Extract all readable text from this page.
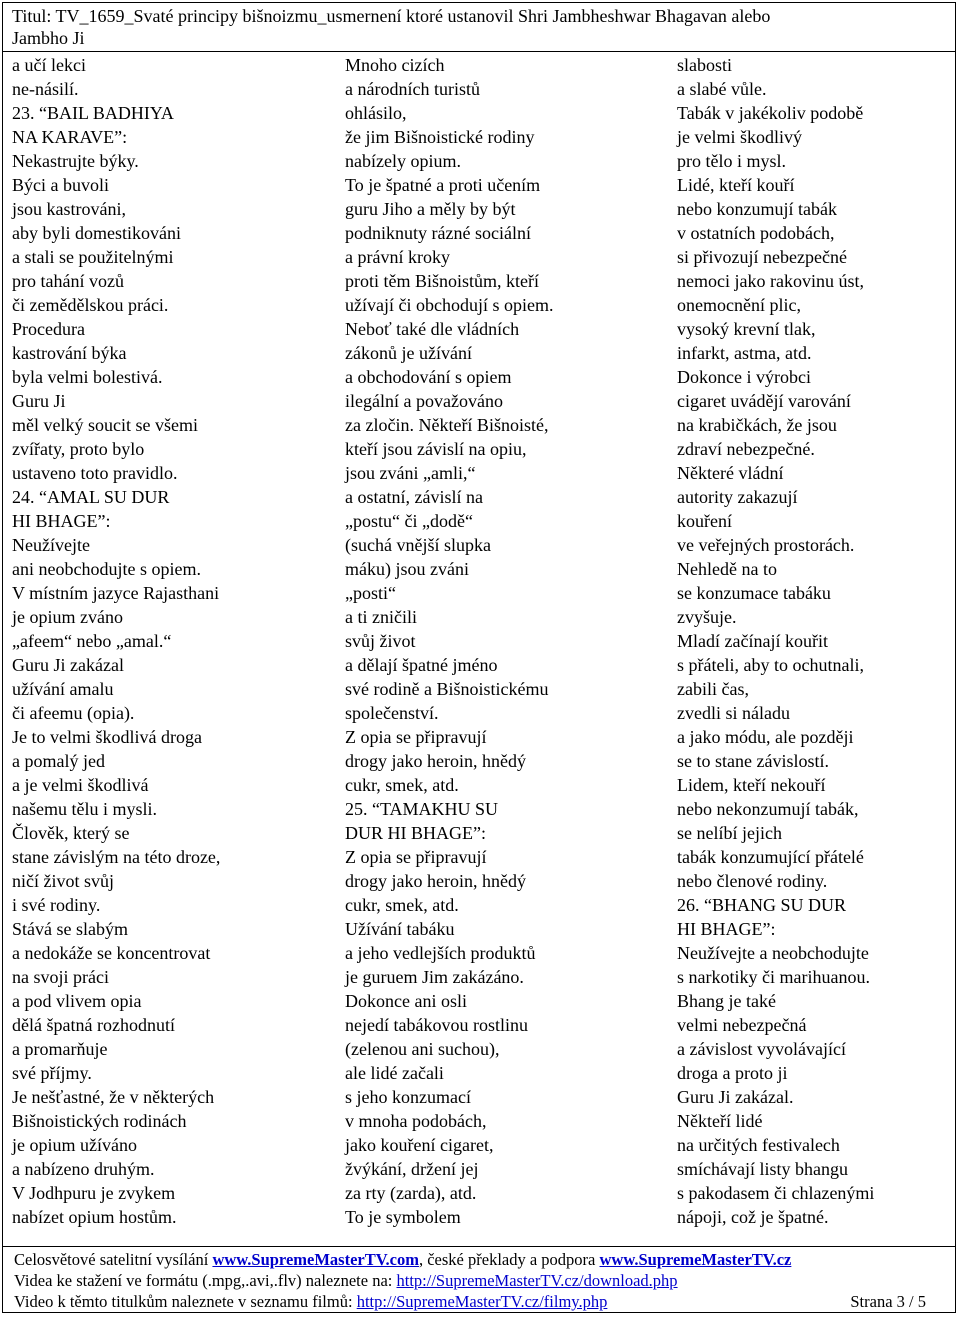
Titul: TV_1659_Svaté principy bišnoizmu_usmernení ktoré ustanovil Shri Jambheshwar Bhagavan alebo
Jambho Ji
a učí lekci
ne-násilí.
23. “BAIL BADHIYA
NA KARAVE”:
Nekastrujte býky.
Býci a buvoli
jsou kastrováni,
aby byli domestikováni
a stali se použitelnými
pro tahání vozů
či zemědělskou práci.
Procedura
kastrování býka
byla velmi bolestivá.
Guru Ji
měl velký soucit se všemi
zvířaty, proto bylo
ustaveno toto pravidlo.
24. “AMAL SU DUR
HI BHAGE”:
Neužívejte
ani neobchodujte s opiem.
V místním jazyce Rajasthani
je opium zváno
„afeem“ nebo „amal.“
Guru Ji zakázal
užívání amalu
či afeemu (opia).
Je to velmi škodlivá droga
a pomalý jed
a je velmi škodlivá
našemu tělu i mysli.
Člověk, který se
stane závislým na této droze,
ničí život svůj
i své rodiny.
Stává se slabým
a nedokáže se koncentrovat
na svoji práci
a pod vlivem opia
dělá špatná rozhodnutí
a promarňuje
své příjmy.
Je nešťastné, že v některých
Bišnoistických rodinách
je opium užíváno
a nabízeno druhým.
V Jodhpuru je zvykem
nabízet opium hostům.
Mnoho cizích
a národních turistů
ohlásilo,
že jim Bišnoistické rodiny
nabízely opium.
To je špatné a proti učením
guru Jiho a měly by být
podniknuty rázné sociální
a právní kroky
proti těm Bišnoistům, kteří
užívají či obchodují s opiem.
Neboť také dle vládních
zákonů je užívání
a obchodování s opiem
ilegální a považováno
za zločin. Někteří Bišnoisté,
kteří jsou závislí na opiu,
jsou zváni „amli,“
a ostatní, závislí na
„postu“ či „dodě“
(suchá vnější slupka
máku) jsou zváni
„posti“
a ti zničili
svůj život
a dělají špatné jméno
své rodině a Bišnoistickému
společenství.
Z opia se připravují
drogy jako heroin, hnědý
cukr, smek, atd.
25. “TAMAKHU SU
DUR HI BHAGE”:
Z opia se připravují
drogy jako heroin, hnědý
cukr, smek, atd.
Užívání tabáku
a jeho vedlejších produktů
je guruem Jim zakázáno.
Dokonce ani osli
nejedí tabákovou rostlinu
(zelenou ani suchou),
ale lidé začali
s jeho konzumací
v mnoha podobách,
jako kouření cigaret,
žvýkání, držení jej
za rty (zarda), atd.
To je symbolem
slabosti
a slabé vůle.
Tabák v jakékoliv podobě
je velmi škodlivý
pro tělo i mysl.
Lidé, kteří kouří
nebo konzumují tabák
v ostatních podobách,
si přivozují nebezpečné
nemoci jako rakovinu úst,
onemocnění plic,
vysoký krevní tlak,
infarkt, astma, atd.
Dokonce i výrobci
cigaret uvádějí varování
na krabičkách, že jsou
zdraví nebezpečné.
Některé vládní
autority zakazují
kouření
ve veřejných prostorách.
Nehledě na to
se konzumace tabáku
zvyšuje.
Mladí začínají kouřit
s přáteli, aby to ochutnali,
zabili čas,
zvedli si náladu
a jako módu, ale později
se to stane závislostí.
Lidem, kteří nekouří
nebo nekonzumují tabák,
se nelíbí jejich
tabák konzumující přátelé
nebo členové rodiny.
26. “BHANG SU DUR
HI BHAGE”:
Neužívejte a neobchodujte
s narkotiky či marihuanou.
Bhang je také
velmi nebezpečná
a závislost vyvolávající
droga a proto ji
Guru Ji zakázal.
Někteří lidé
na určitých festivalech
smíchávají listy bhangu
s pakodasem či chlazenými
nápoji, což je špatné.
Celosvětové satelitní vysílání www.SupremeMasterTV.com, české překlady a podpora www.SupremeMasterTV.cz
Videa ke stažení ve formátu (.mpg,.avi,.flv) naleznete na: http://SupremeMasterTV.cz/download.php
Video k těmto titulkům naleznete v seznamu filmů: http://SupremeMasterTV.cz/filmy.php	Strana 3 / 5
